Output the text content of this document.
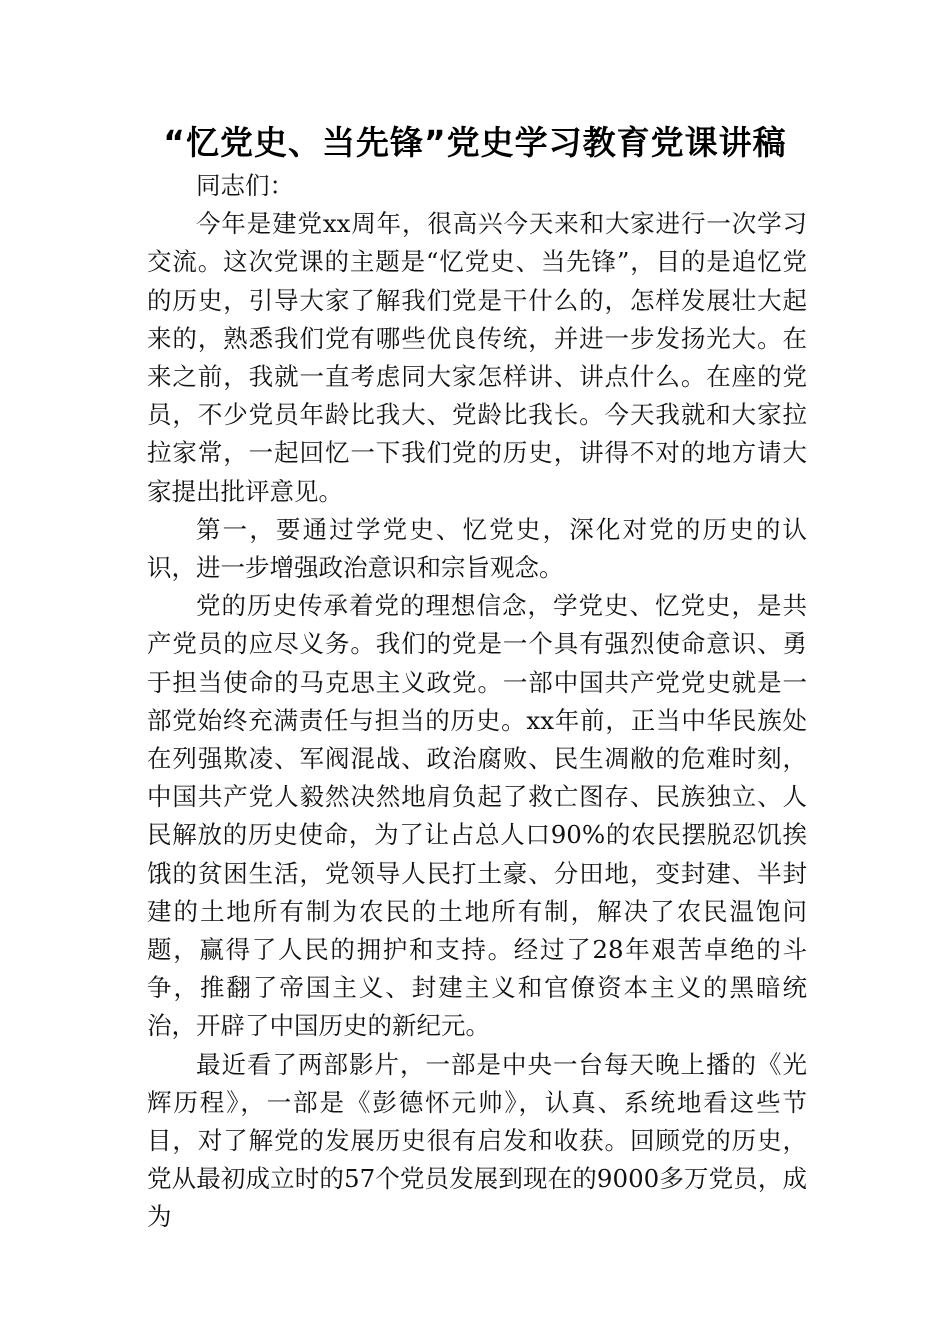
“忆党史、当先锋”党史学习教育党课讲稿

同志们：

今年是建党xx周年，很高兴今天来和大家进行一次学习交流。这次党课的主题是“忆党史、当先锋”，目的是追忆党的历史，引导大家了解我们党是干什么的，怎样发展壮大起来的，熟悉我们党有哪些优良传统，并进一步发扬光大。在来之前，我就一直考虑同大家怎样讲、讲点什么。在座的党员，不少党员年龄比我大、党龄比我长。今天我就和大家拉拉家常，一起回忆一下我们党的历史，讲得不对的地方请大家提出批评意见。

第一，要通过学党史、忆党史，深化对党的历史的认识，进一步增强政治意识和宗旨观念。

党的历史传承着党的理想信念，学党史、忆党史，是共产党员的应尽义务。我们的党是一个具有强烈使命意识、勇于担当使命的马克思主义政党。一部中国共产党党史就是一部党始终充满责任与担当的历史。xx年前，正当中华民族处在列强欺凌、军阀混战、政治腐败、民生凋敝的危难时刻，中国共产党人毅然决然地肩负起了救亡图存、民族独立、人民解放的历史使命，为了让占总人口90%的农民摆脱忍饥挨饿的贫困生活，党领导人民打土豪、分田地，变封建、半封建的土地所有制为农民的土地所有制，解决了农民温饱问题，赢得了人民的拥护和支持。经过了28年艰苦卓绝的斗争，推翻了帝国主义、封建主义和官僚资本主义的黑暗统治，开辟了中国历史的新纪元。

最近看了两部影片，一部是中央一台每天晚上播的《光辉历程》，一部是《彭德怀元帅》，认真、系统地看这些节目，对了解党的发展历史很有启发和收获。回顾党的历史，党从最初成立时的57个党员发展到现在的9000多万党员，成为
